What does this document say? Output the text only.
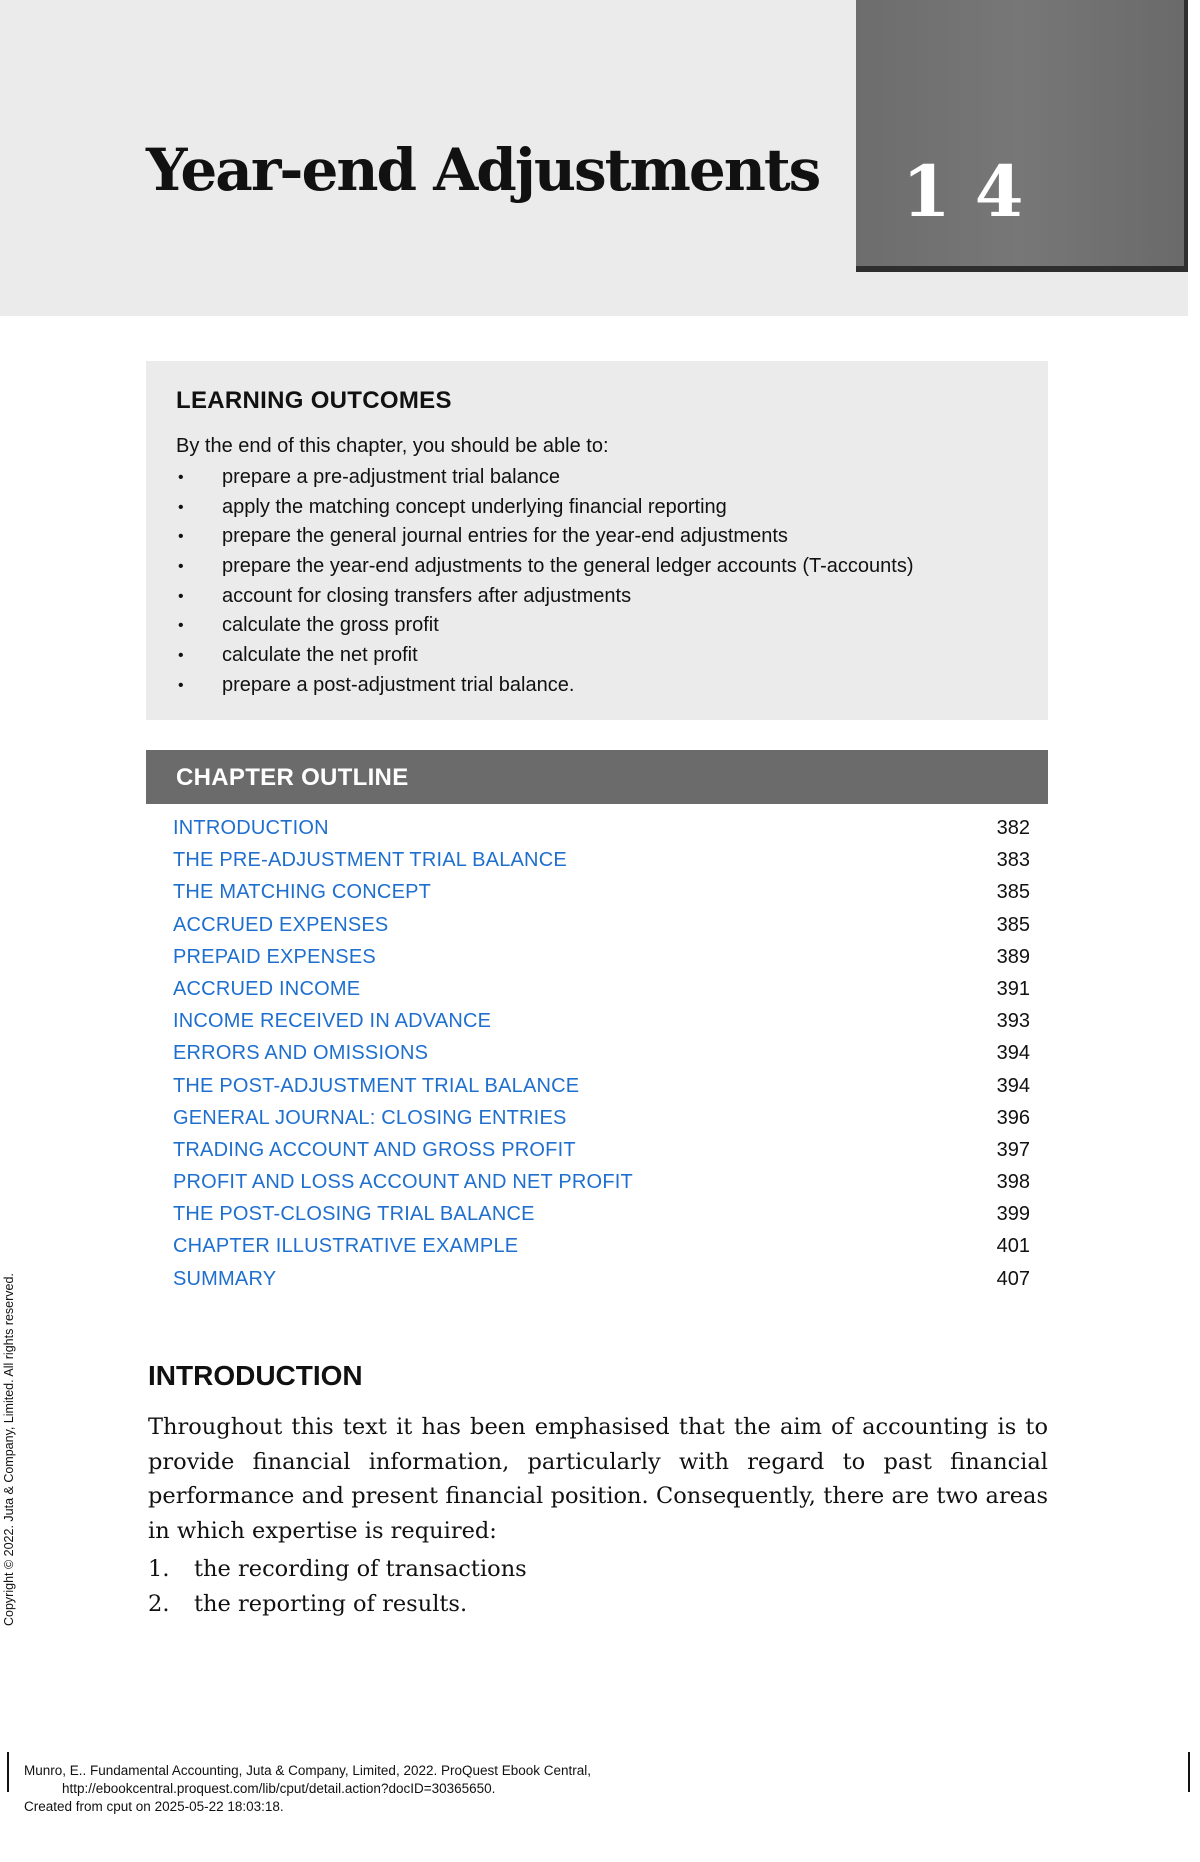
Year-end Adjustments 14
LEARNING OUTCOMES

By the end of this chapter, you should be able to:

• prepare a pre-adjustment trial balance
• apply the matching concept underlying financial reporting
• prepare the general journal entries for the year-end adjustments
• prepare the year-end adjustments to the general ledger accounts (T-accounts)
• account for closing transfers after adjustments
• calculate the gross profit
• calculate the net profit
• prepare a post-adjustment trial balance.
CHAPTER OUTLINE
INTRODUCTION	382
THE PRE-ADJUSTMENT TRIAL BALANCE	383
THE MATCHING CONCEPT	385
ACCRUED EXPENSES	385
PREPAID EXPENSES	389
ACCRUED INCOME	391
INCOME RECEIVED IN ADVANCE	393
ERRORS AND OMISSIONS	394
THE POST-ADJUSTMENT TRIAL BALANCE	394
GENERAL JOURNAL: CLOSING ENTRIES	396
TRADING ACCOUNT AND GROSS PROFIT	397
PROFIT AND LOSS ACCOUNT AND NET PROFIT	398
THE POST-CLOSING TRIAL BALANCE	399
CHAPTER ILLUSTRATIVE EXAMPLE	401
SUMMARY	407
INTRODUCTION

Throughout this text it has been emphasised that the aim of accounting is to provide financial information, particularly with regard to past financial performance and present financial position. Consequently, there are two areas in which expertise is required:

1. the recording of transactions
2. the reporting of results.
Copyright © 2022. Juta & Company, Limited. All rights reserved.
Munro, E.. Fundamental Accounting, Juta & Company, Limited, 2022. ProQuest Ebook Central,
http://ebookcentral.proquest.com/lib/cput/detail.action?docID=30365650.
Created from cput on 2025-05-22 18:03:18.
